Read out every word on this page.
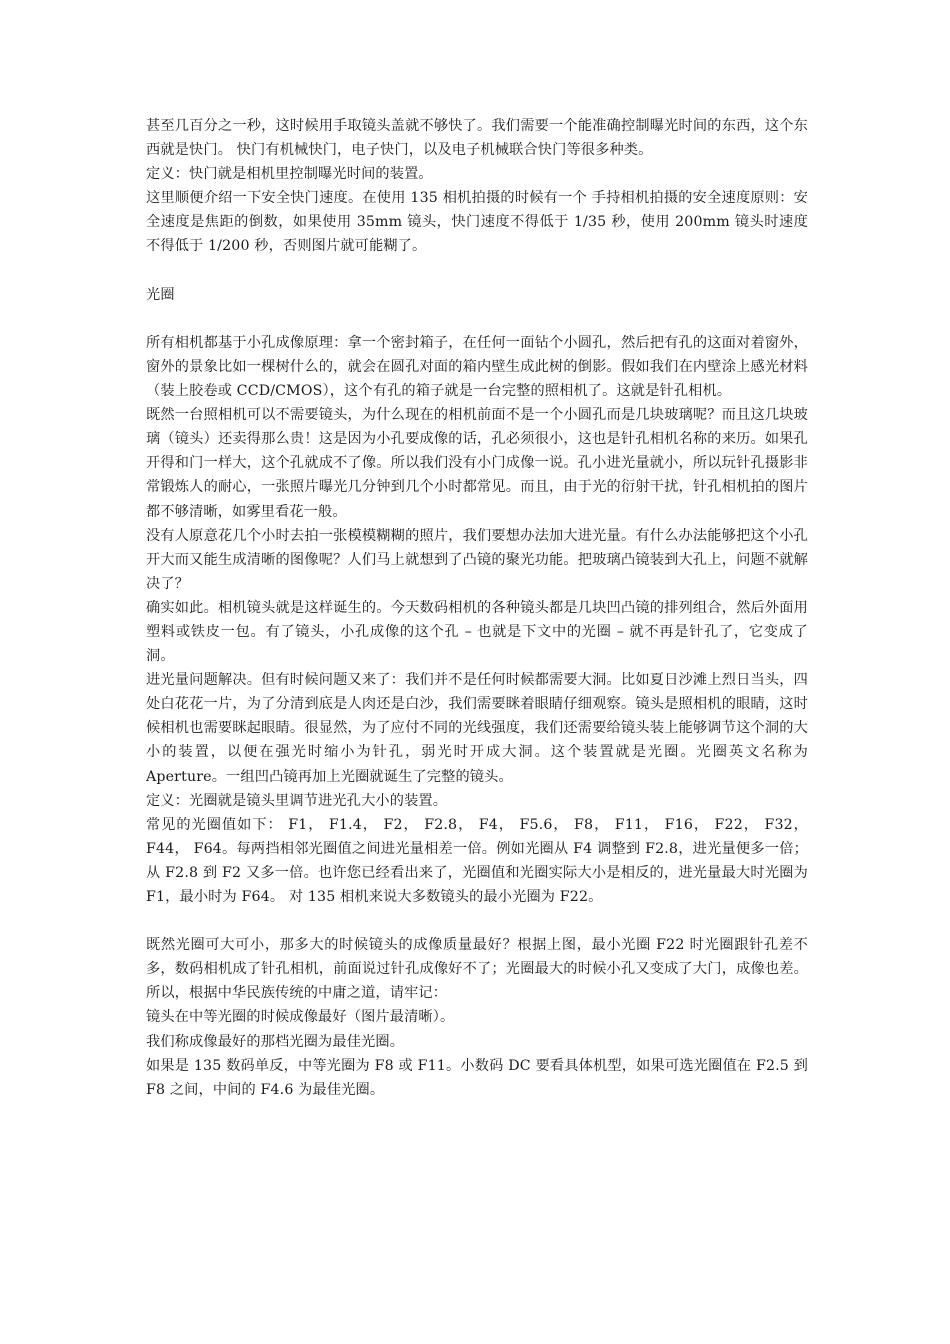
甚至几百分之一秒，这时候用手取镜头盖就不够快了。我们需要一个能准确控制曝光时间的东西，这个东西就是快门。 快门有机械快门，电子快门，以及电子机械联合快门等很多种类。

定义：快门就是相机里控制曝光时间的装置。

这里顺便介绍一下安全快门速度。在使用 135 相机拍摄的时候有一个 手持相机拍摄的安全速度原则：安全速度是焦距的倒数，如果使用 35mm 镜头，快门速度不得低于 1/35 秒，使用 200mm 镜头时速度不得低于 1/200 秒，否则图片就可能糊了。

光圈

所有相机都基于小孔成像原理：拿一个密封箱子，在任何一面钻个小圆孔，然后把有孔的这面对着窗外，窗外的景象比如一棵树什么的，就会在圆孔对面的箱内壁生成此树的倒影。假如我们在内壁涂上感光材料（装上胶卷或 CCD/CMOS），这个有孔的箱子就是一台完整的照相机了。这就是针孔相机。

既然一台照相机可以不需要镜头，为什么现在的相机前面不是一个小圆孔而是几块玻璃呢？而且这几块玻璃（镜头）还卖得那么贵！这是因为小孔要成像的话，孔必须很小，这也是针孔相机名称的来历。如果孔开得和门一样大，这个孔就成不了像。所以我们没有小门成像一说。孔小进光量就小，所以玩针孔摄影非常锻炼人的耐心，一张照片曝光几分钟到几个小时都常见。而且，由于光的衍射干扰，针孔相机拍的图片都不够清晰，如雾里看花一般。

没有人原意花几个小时去拍一张模模糊糊的照片，我们要想办法加大进光量。有什么办法能够把这个小孔开大而又能生成清晰的图像呢？人们马上就想到了凸镜的聚光功能。把玻璃凸镜装到大孔上，问题不就解决了？

确实如此。相机镜头就是这样诞生的。今天数码相机的各种镜头都是几块凹凸镜的排列组合，然后外面用塑料或铁皮一包。有了镜头，小孔成像的这个孔 – 也就是下文中的光圈 – 就不再是针孔了，它变成了洞。

进光量问题解决。但有时候问题又来了：我们并不是任何时候都需要大洞。比如夏日沙滩上烈日当头，四处白花花一片，为了分清到底是人肉还是白沙，我们需要眯着眼睛仔细观察。镜头是照相机的眼睛，这时候相机也需要眯起眼睛。很显然，为了应付不同的光线强度，我们还需要给镜头装上能够调节这个洞的大小的装置，以便在强光时缩小为针孔，弱光时开成大洞。这个装置就是光圈。光圈英文名称为 Aperture。一组凹凸镜再加上光圈就诞生了完整的镜头。

定义：光圈就是镜头里调节进光孔大小的装置。

常见的光圈值如下： F1， F1.4， F2， F2.8， F4， F5.6， F8， F11， F16， F22， F32， F44， F64。每两挡相邻光圈值之间进光量相差一倍。例如光圈从 F4 调整到 F2.8，进光量便多一倍；从 F2.8 到 F2 又多一倍。也许您已经看出来了，光圈值和光圈实际大小是相反的，进光量最大时光圈为 F1，最小时为 F64。 对 135 相机来说大多数镜头的最小光圈为 F22。

既然光圈可大可小，那多大的时候镜头的成像质量最好？根据上图，最小光圈 F22 时光圈跟针孔差不多，数码相机成了针孔相机，前面说过针孔成像好不了；光圈最大的时候小孔又变成了大门，成像也差。所以，根据中华民族传统的中庸之道，请牢记：

镜头在中等光圈的时候成像最好（图片最清晰）。

我们称成像最好的那档光圈为最佳光圈。

如果是 135 数码单反，中等光圈为 F8 或 F11。小数码 DC 要看具体机型，如果可选光圈值在 F2.5 到 F8 之间，中间的 F4.6 为最佳光圈。
